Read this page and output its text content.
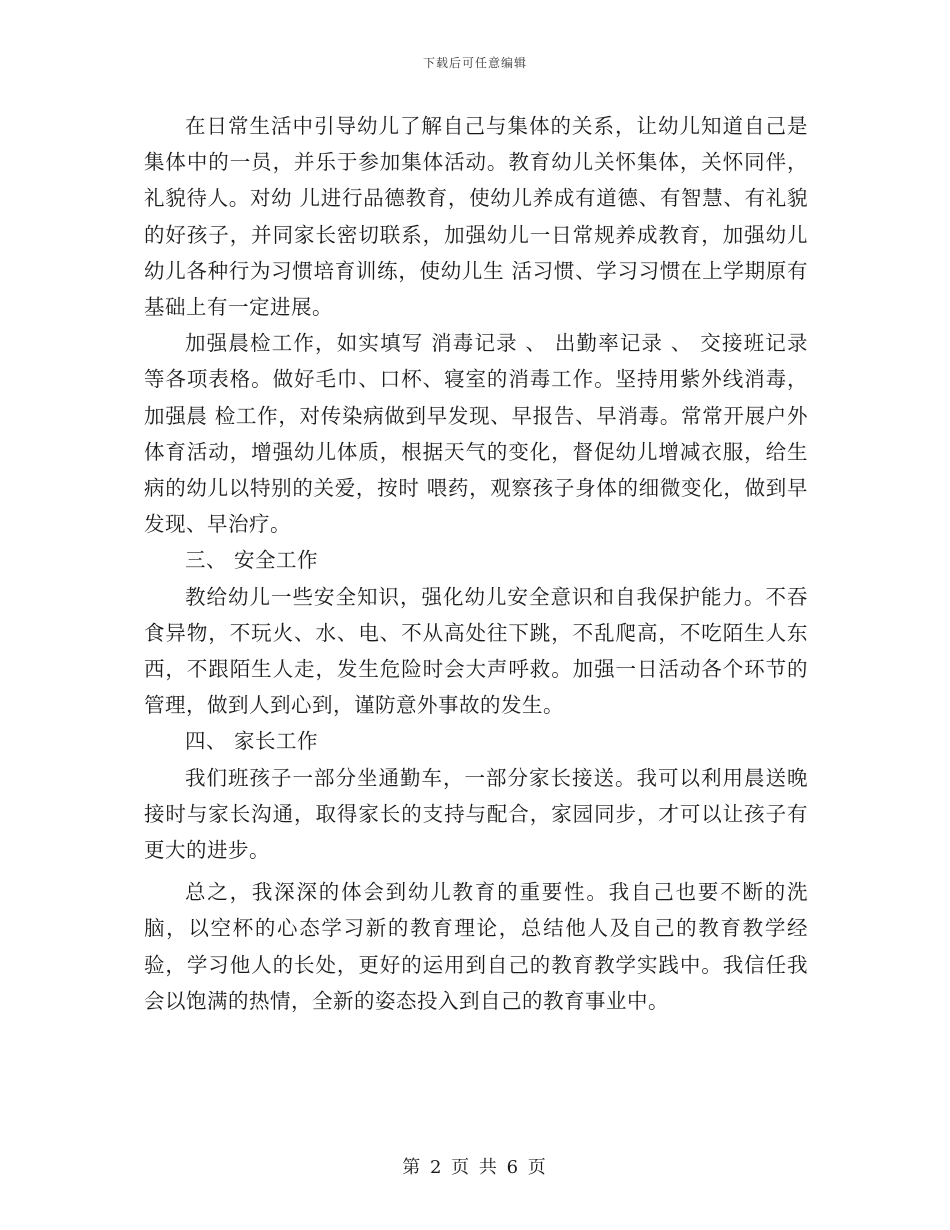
下载后可任意编辑

在日常生活中引导幼儿了解自己与集体的关系，让幼儿知道自己是集体中的一员，并乐于参加集体活动。教育幼儿关怀集体，关怀同伴，礼貌待人。对幼 儿进行品德教育，使幼儿养成有道德、有智慧、有礼貌的好孩子，并同家长密切联系，加强幼儿一日常规养成教育，加强幼儿幼儿各种行为习惯培育训练，使幼儿生 活习惯、学习习惯在上学期原有基础上有一定进展。

加强晨检工作，如实填写 消毒记录 、 出勤率记录 、 交接班记录 等各项表格。做好毛巾、口杯、寝室的消毒工作。坚持用紫外线消毒，加强晨 检工作，对传染病做到早发现、早报告、早消毒。常常开展户外体育活动，增强幼儿体质，根据天气的变化，督促幼儿增减衣服，给生病的幼儿以特别的关爱，按时 喂药，观察孩子身体的细微变化，做到早发现、早治疗。

三、 安全工作

教给幼儿一些安全知识，强化幼儿安全意识和自我保护能力。不吞食异物，不玩火、水、电、不从高处往下跳，不乱爬高，不吃陌生人东西，不跟陌生人走，发生危险时会大声呼救。加强一日活动各个环节的管理，做到人到心到，谨防意外事故的发生。

四、 家长工作

我们班孩子一部分坐通勤车，一部分家长接送。我可以利用晨送晚接时与家长沟通，取得家长的支持与配合，家园同步，才可以让孩子有更大的进步。

总之，我深深的体会到幼儿教育的重要性。我自己也要不断的洗脑，以空杯的心态学习新的教育理论，总结他人及自己的教育教学经验，学习他人的长处，更好的运用到自己的教育教学实践中。我信任我会以饱满的热情，全新的姿态投入到自己的教育事业中。

第 2 页 共 6 页
